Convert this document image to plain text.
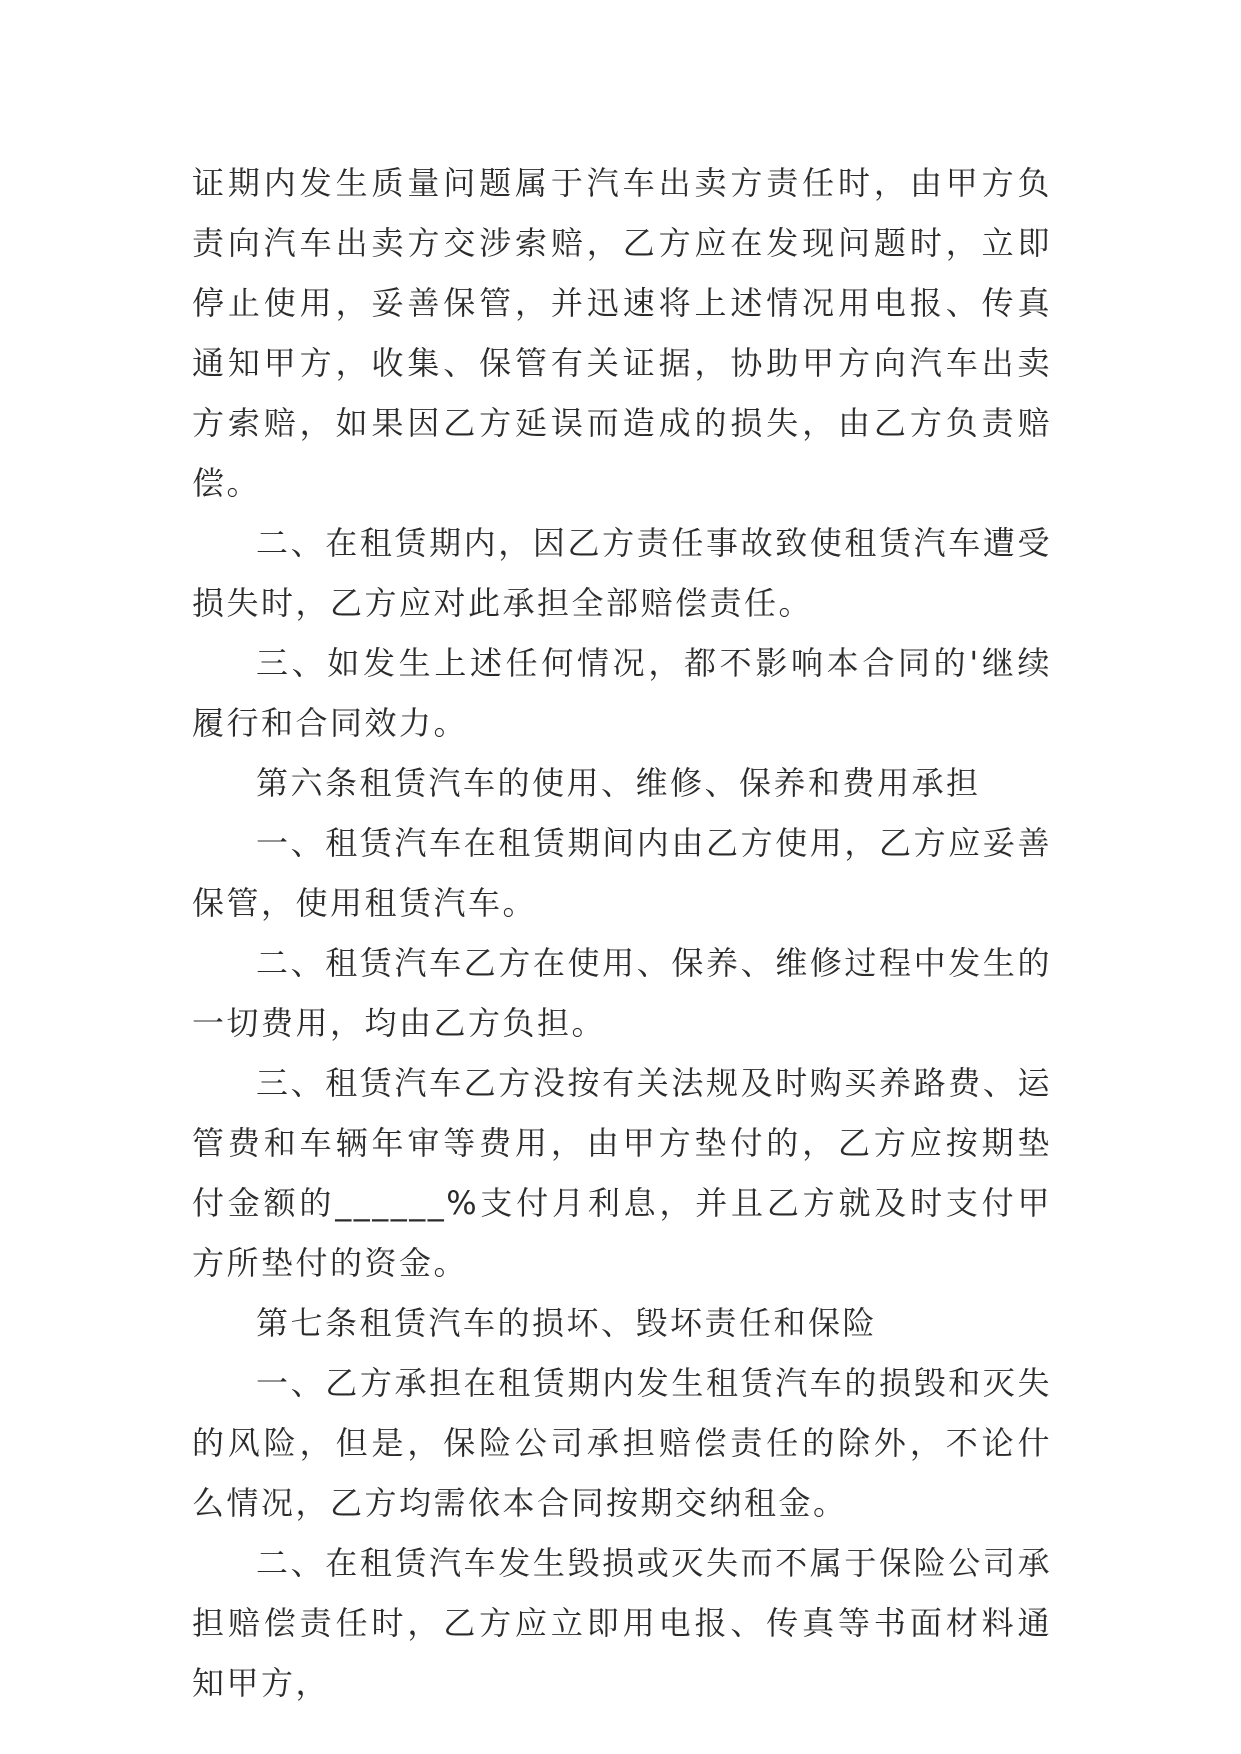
证期内发生质量问题属于汽车出卖方责任时，由甲方负责向汽车出卖方交涉索赔，乙方应在发现问题时，立即停止使用，妥善保管，并迅速将上述情况用电报、传真通知甲方，收集、保管有关证据，协助甲方向汽车出卖方索赔，如果因乙方延误而造成的损失，由乙方负责赔偿。

二、在租赁期内，因乙方责任事故致使租赁汽车遭受损失时，乙方应对此承担全部赔偿责任。

三、如发生上述任何情况，都不影响本合同的'继续履行和合同效力。

第六条租赁汽车的使用、维修、保养和费用承担

一、租赁汽车在租赁期间内由乙方使用，乙方应妥善保管，使用租赁汽车。

二、租赁汽车乙方在使用、保养、维修过程中发生的一切费用，均由乙方负担。

三、租赁汽车乙方没按有关法规及时购买养路费、运管费和车辆年审等费用，由甲方垫付的，乙方应按期垫付金额的______%支付月利息，并且乙方就及时支付甲方所垫付的资金。

第七条租赁汽车的损坏、毁坏责任和保险

一、乙方承担在租赁期内发生租赁汽车的损毁和灭失的风险，但是，保险公司承担赔偿责任的除外，不论什么情况，乙方均需依本合同按期交纳租金。

二、在租赁汽车发生毁损或灭失而不属于保险公司承担赔偿责任时，乙方应立即用电报、传真等书面材料通知甲方，
